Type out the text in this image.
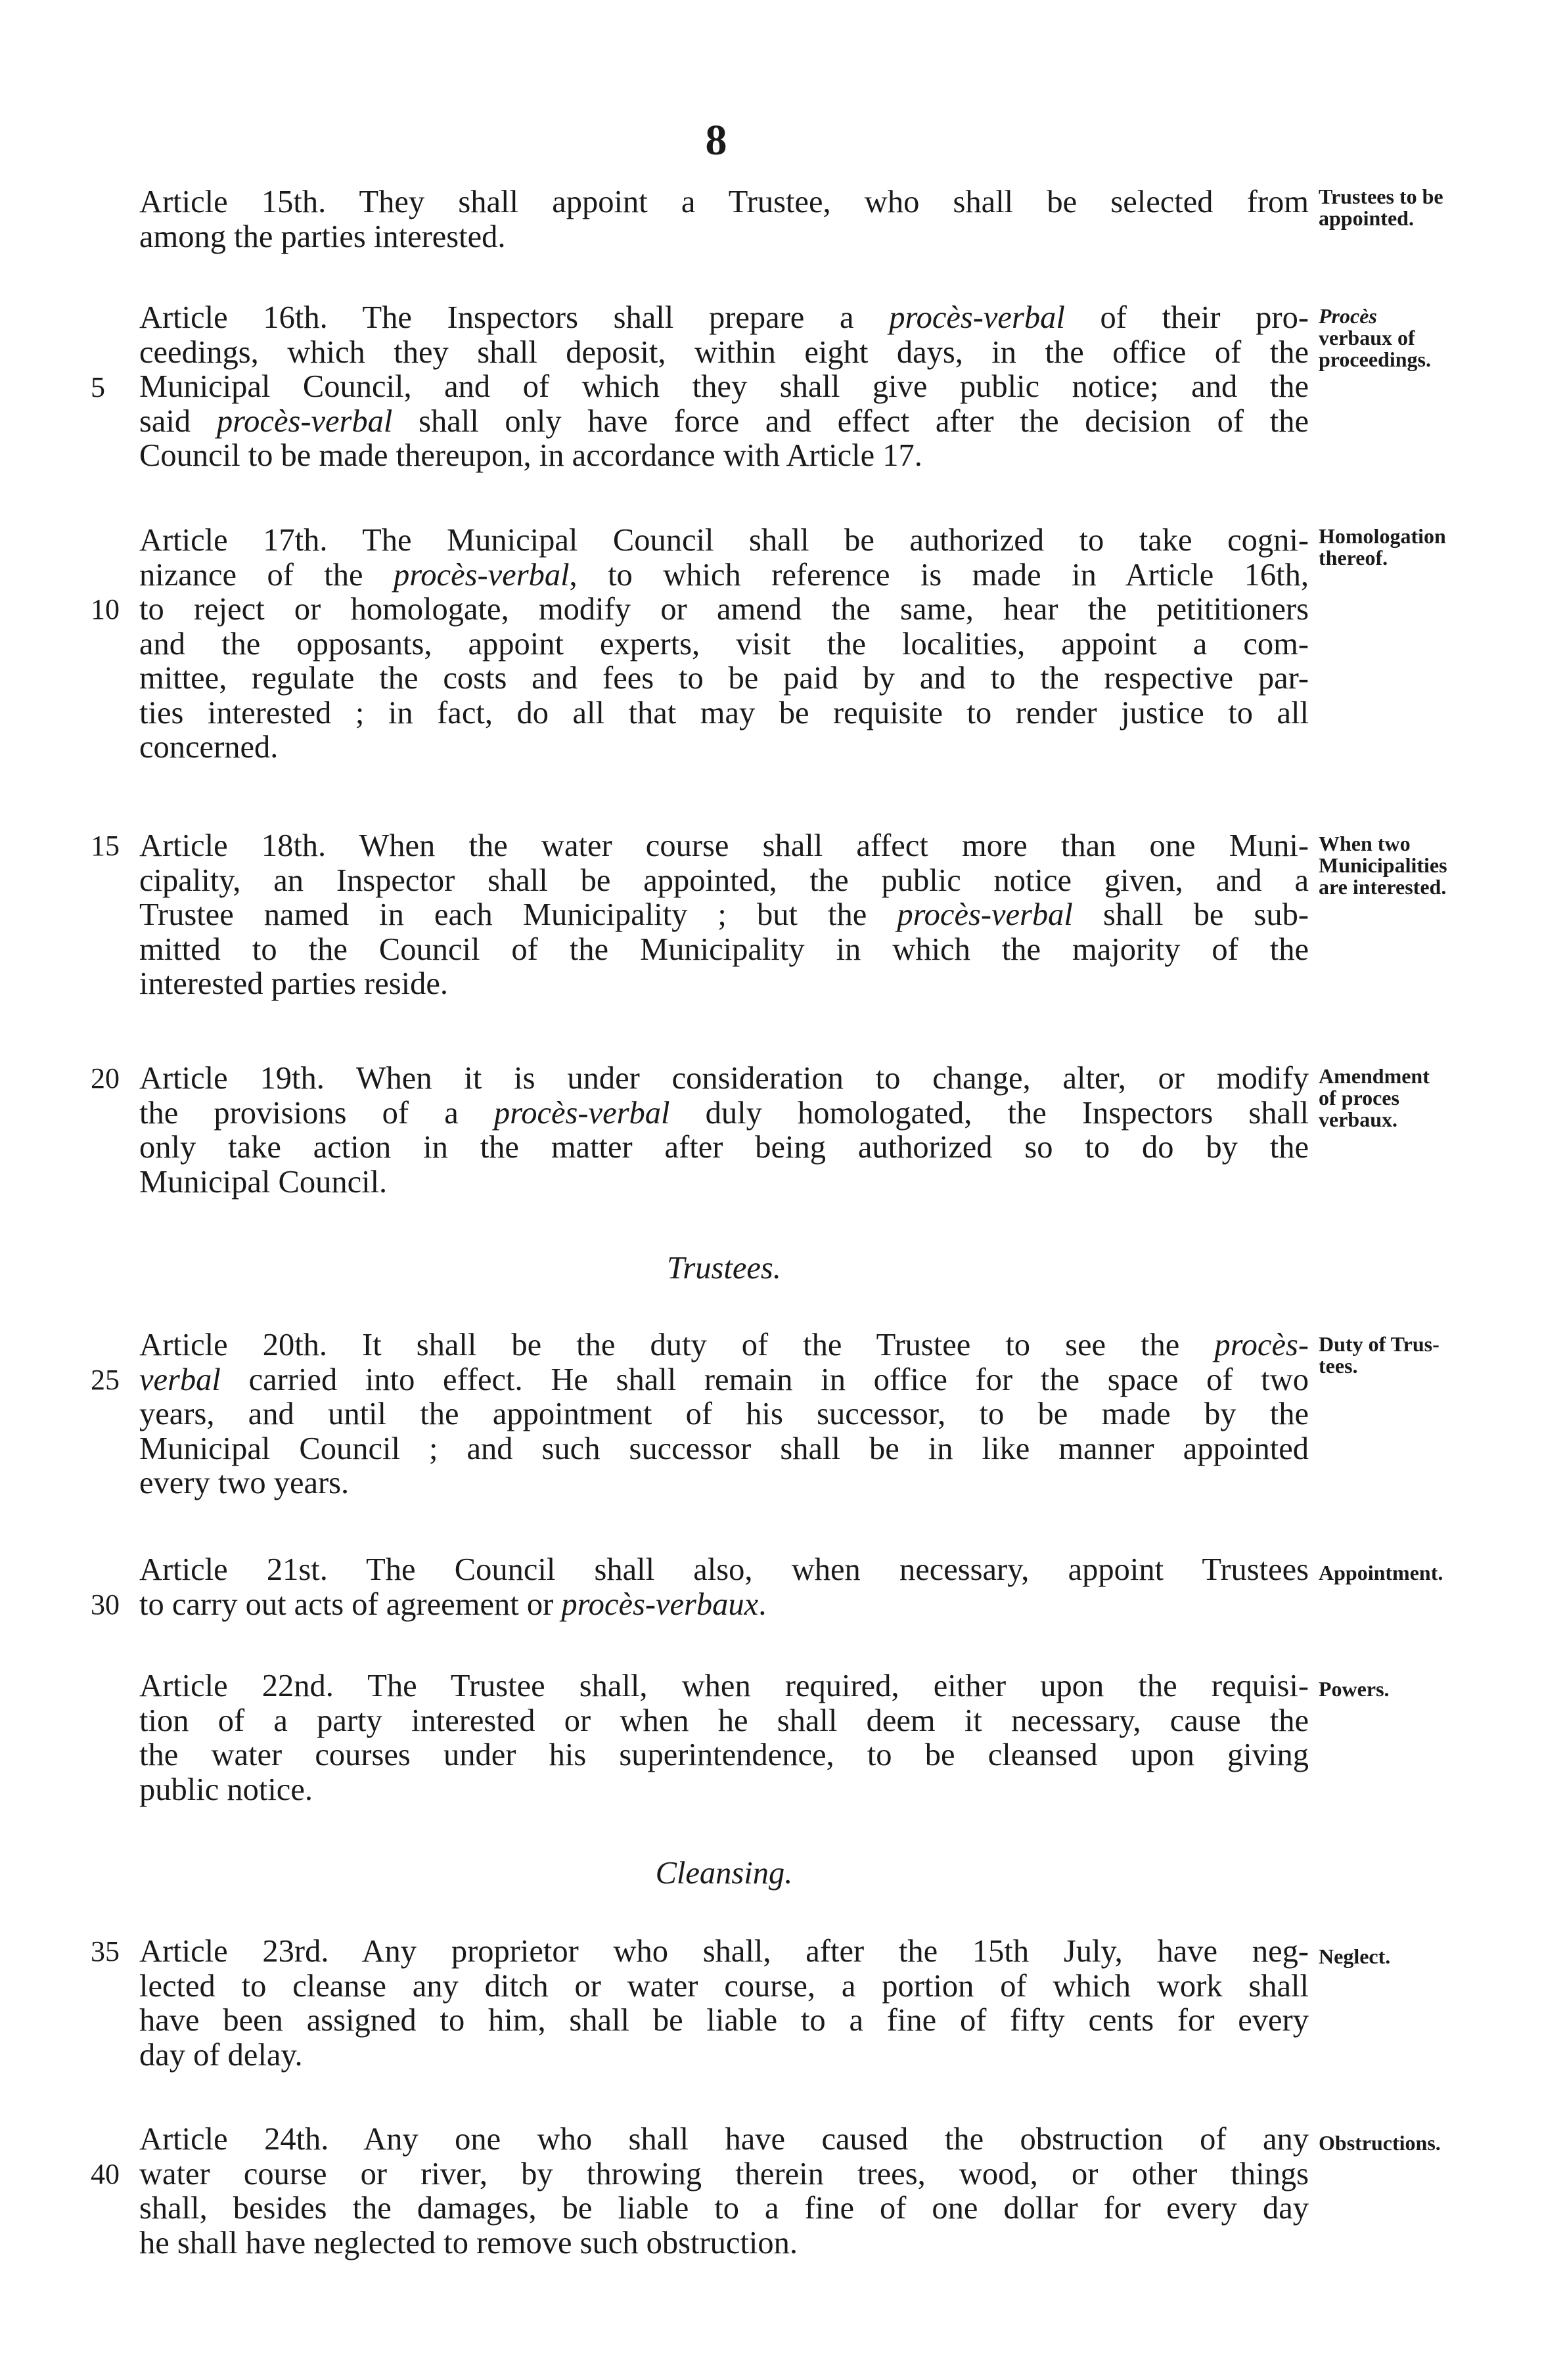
8
Article 15th. They shall appoint a Trustee, who shall be selected from
among the parties interested.
Article 16th. The Inspectors shall prepare a procès-verbal of their pro-
ceedings, which they shall deposit, within eight days, in the office of the
Municipal Council, and of which they shall give public notice; and the
said procès-verbal shall only have force and effect after the decision of the
Council to be made thereupon, in accordance with Article 17.
Article 17th. The Municipal Council shall be authorized to take cogni-
nizance of the procès-verbal, to which reference is made in Article 16th,
to reject or homologate, modify or amend the same, hear the petititioners
and the opposants, appoint experts, visit the localities, appoint a com-
mittee, regulate the costs and fees to be paid by and to the respective par-
ties interested ; in fact, do all that may be requisite to render justice to all
concerned.
Article 18th. When the water course shall affect more than one Muni-
cipality, an Inspector shall be appointed, the public notice given, and a
Trustee named in each Municipality ; but the procès-verbal shall be sub-
mitted to the Council of the Municipality in which the majority of the
interested parties reside.
Article 19th. When it is under consideration to change, alter, or modify
the provisions of a procès-verbal duly homologated, the Inspectors shall
only take action in the matter after being authorized so to do by the
Municipal Council.
Trustees.
Article 20th. It shall be the duty of the Trustee to see the procès-
verbal carried into effect. He shall remain in office for the space of two
years, and until the appointment of his successor, to be made by the
Municipal Council ; and such successor shall be in like manner appointed
every two years.
Article 21st. The Council shall also, when necessary, appoint Trustees
to carry out acts of agreement or procès-verbaux.
Article 22nd. The Trustee shall, when required, either upon the requisi-
tion of a party interested or when he shall deem it necessary, cause the
the water courses under his superintendence, to be cleansed upon giving
public notice.
Cleansing.
Article 23rd. Any proprietor who shall, after the 15th July, have neg-
lected to cleanse any ditch or water course, a portion of which work shall
have been assigned to him, shall be liable to a fine of fifty cents for every
day of delay.
Article 24th. Any one who shall have caused the obstruction of any
water course or river, by throwing therein trees, wood, or other things
shall, besides the damages, be liable to a fine of one dollar for every day
he shall have neglected to remove such obstruction.
5
10
15
20
25
30
35
40
Trustees to be
appointed.
Procès
verbaux of
proceedings.
Homologation
thereof.
When two
Municipalities
are interested.
Amendment
of proces
verbaux.
Duty of Trus-
tees.
Appointment.
Powers.
Neglect.
Obstructions.
